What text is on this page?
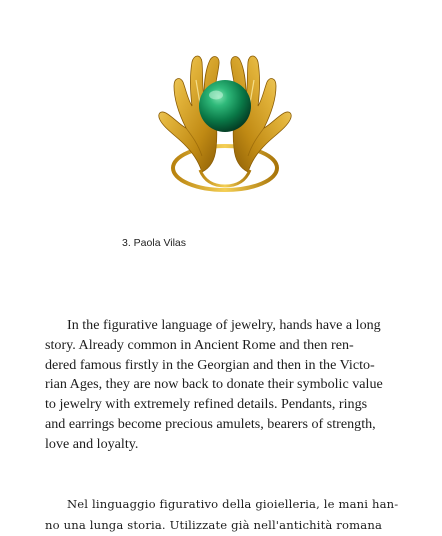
3. Paola Vilas
In the figurative language of jewelry, hands have a long
story. Already common in Ancient Rome and then ren-
dered famous firstly in the Georgian and then in the Victo-
rian Ages, they are now back to donate their symbolic value
to jewelry with extremely refined details. Pendants, rings
and earrings become precious amulets, bearers of strength,
love and loyalty.
Nel linguaggio figurativo della gioielleria, le mani han-
no una lunga storia. Utilizzate già nell'antichità romana
